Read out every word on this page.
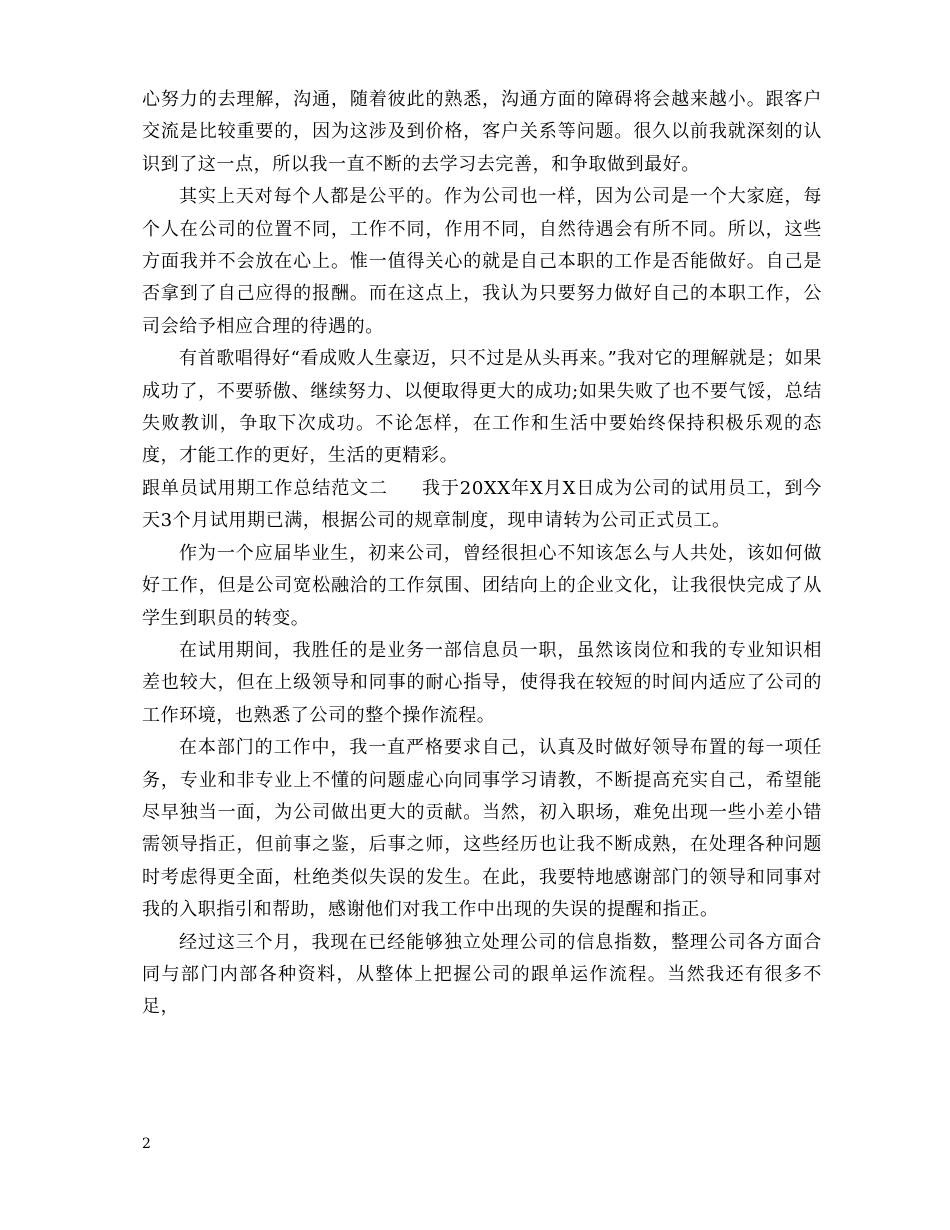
心努力的去理解，沟通，随着彼此的熟悉，沟通方面的障碍将会越来越小。跟客户交流是比较重要的，因为这涉及到价格，客户关系等问题。很久以前我就深刻的认识到了这一点，所以我一直不断的去学习去完善，和争取做到最好。

其实上天对每个人都是公平的。作为公司也一样，因为公司是一个大家庭，每个人在公司的位置不同，工作不同，作用不同，自然待遇会有所不同。所以，这些方面我并不会放在心上。惟一值得关心的就是自己本职的工作是否能做好。自己是否拿到了自己应得的报酬。而在这点上，我认为只要努力做好自己的本职工作，公司会给予相应合理的待遇的。

有首歌唱得好“看成败人生豪迈，只不过是从头再来。”我对它的理解就是；如果成功了，不要骄傲、继续努力、以便取得更大的成功;如果失败了也不要气馁，总结失败教训，争取下次成功。不论怎样，在工作和生活中要始终保持积极乐观的态度，才能工作的更好，生活的更精彩。

跟单员试用期工作总结范文二 我于20XX年X月X日成为公司的试用员工，到今天3个月试用期已满，根据公司的规章制度，现申请转为公司正式员工。

作为一个应届毕业生，初来公司，曾经很担心不知该怎么与人共处，该如何做好工作，但是公司宽松融洽的工作氛围、团结向上的企业文化，让我很快完成了从学生到职员的转变。

在试用期间，我胜任的是业务一部信息员一职，虽然该岗位和我的专业知识相差也较大，但在上级领导和同事的耐心指导，使得我在较短的时间内适应了公司的工作环境，也熟悉了公司的整个操作流程。

在本部门的工作中，我一直严格要求自己，认真及时做好领导布置的每一项任务，专业和非专业上不懂的问题虚心向同事学习请教，不断提高充实自己，希望能尽早独当一面，为公司做出更大的贡献。当然，初入职场，难免出现一些小差小错需领导指正，但前事之鉴，后事之师，这些经历也让我不断成熟，在处理各种问题时考虑得更全面，杜绝类似失误的发生。在此，我要特地感谢部门的领导和同事对我的入职指引和帮助，感谢他们对我工作中出现的失误的提醒和指正。

经过这三个月，我现在已经能够独立处理公司的信息指数，整理公司各方面合同与部门内部各种资料，从整体上把握公司的跟单运作流程。当然我还有很多不足，

2
